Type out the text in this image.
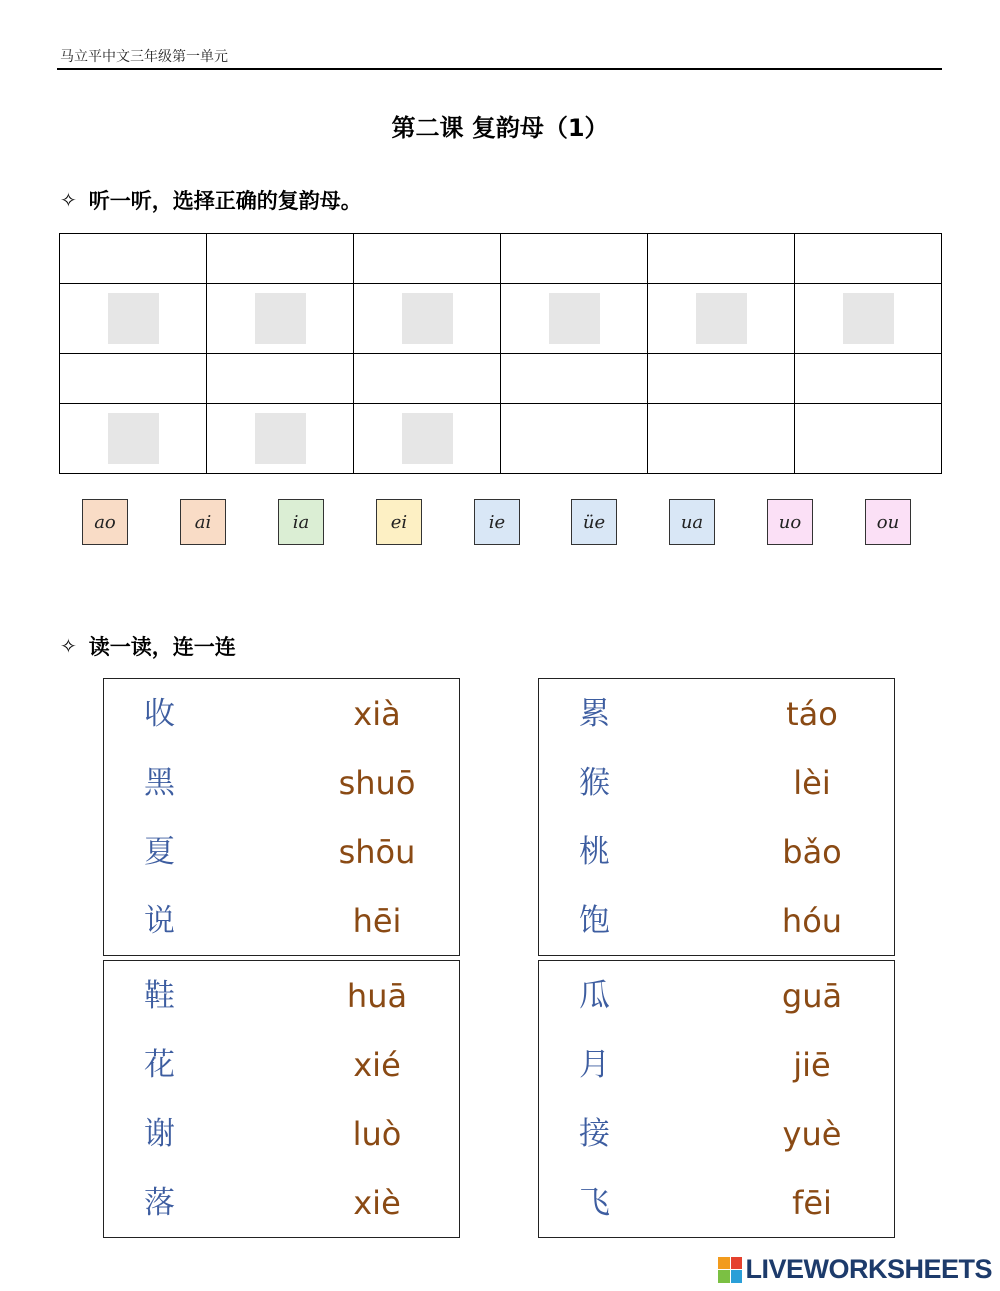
马立平中文三年级第一单元
第二课 复韵母（1）
✧ 听一听，选择正确的复韵母。

ao	ai	ia	ei	ie	üe	ua	uo	ou
✧ 读一读，连一连
收	xià
黑	shuō
夏	shōu
说	hēi
累	táo
猴	lèi
桃	bǎo
饱	hóu
鞋	huā
花	xié
谢	luò
落	xiè
瓜	guā
月	jiē
接	yuè
飞	fēi
LIVEWORKSHEETS
